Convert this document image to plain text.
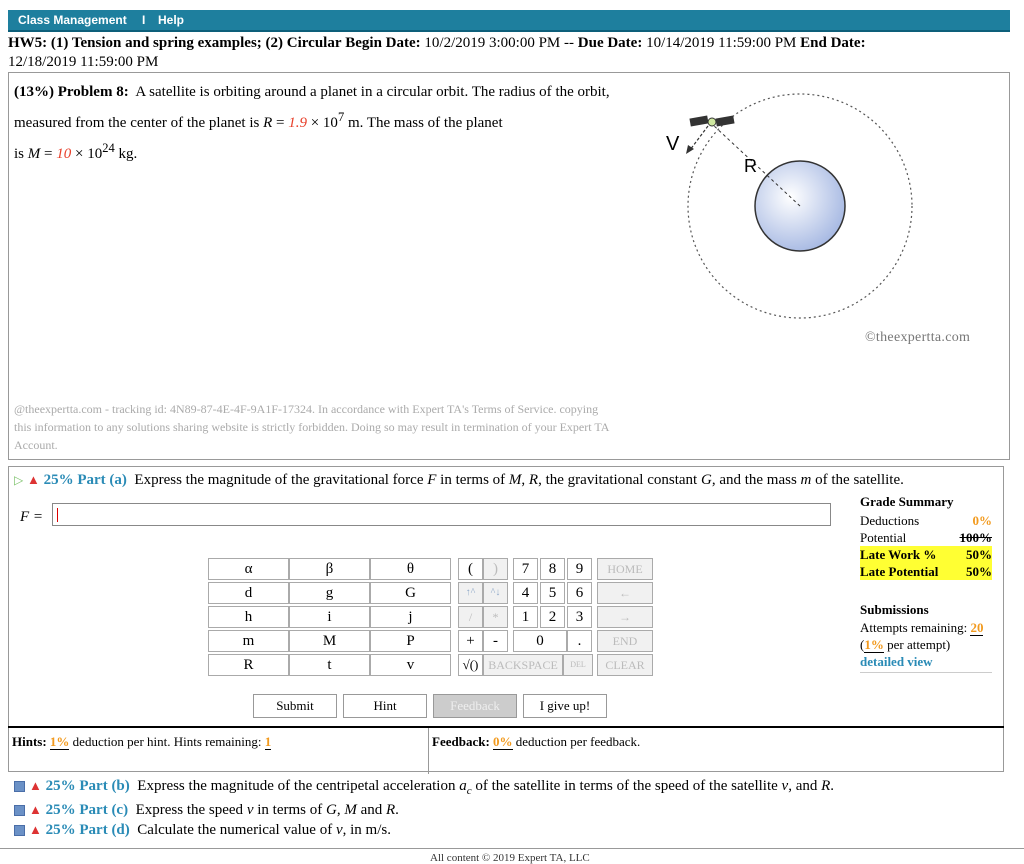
Class Management I Help
HW5: (1) Tension and spring examples; (2) Circular Begin Date: 10/2/2019 3:00:00 PM -- Due Date: 10/14/2019 11:59:00 PM End Date:
12/18/2019 11:59:00 PM
(13%) Problem 8: A satellite is orbiting around a planet in a circular orbit. The radius of the orbit, measured from the center of the planet is $R = 1.9 \times 10^7$ m. The mass of the planet
is $M = 10 \times 10^{24}$ kg.	V
R
©theexpertta.com
@theexpertta.com - tracking id: 4N89-87-4E-4F-9A1F-17324. In accordance with Expert TA's Terms of Service. copying this information to any solutions sharing website is strictly forbidden. Doing so may result in termination of your Expert TA Account.
▷ ▲ 25% Part (a) Express the magnitude of the gravitational force F in terms of M, R, the gravitational constant G, and the mass m of the satellite.
F =
Grade Summary
Deductions	0%
Potential	100%
Late Work % 50%
Late Potential 50%
Submissions
Attempts remaining: 20
(1% per attempt)
detailed view
α	β	θ
d	g	G
h	i	j
m	M	P
R	t	v
(	)
↑^	^↓
/	*
+	-
√() BACKSPACE	DEL	CLEAR
7	8	9
4	5	6
1	2	3
0	.
HOME
←
→
END
Submit	Hint	Feedback	I give up!
Hints: 1% deduction per hint. Hints remaining: 1	Feedback: 0% deduction per feedback.
▲ 25% Part (b) Express the magnitude of the centripetal acceleration $a_c$ of the satellite in terms of the speed of the satellite v, and R.
▲ 25% Part (c) Express the speed v in terms of G, M and R.
▲ 25% Part (d) Calculate the numerical value of v, in m/s.
All content © 2019 Expert TA, LLC
